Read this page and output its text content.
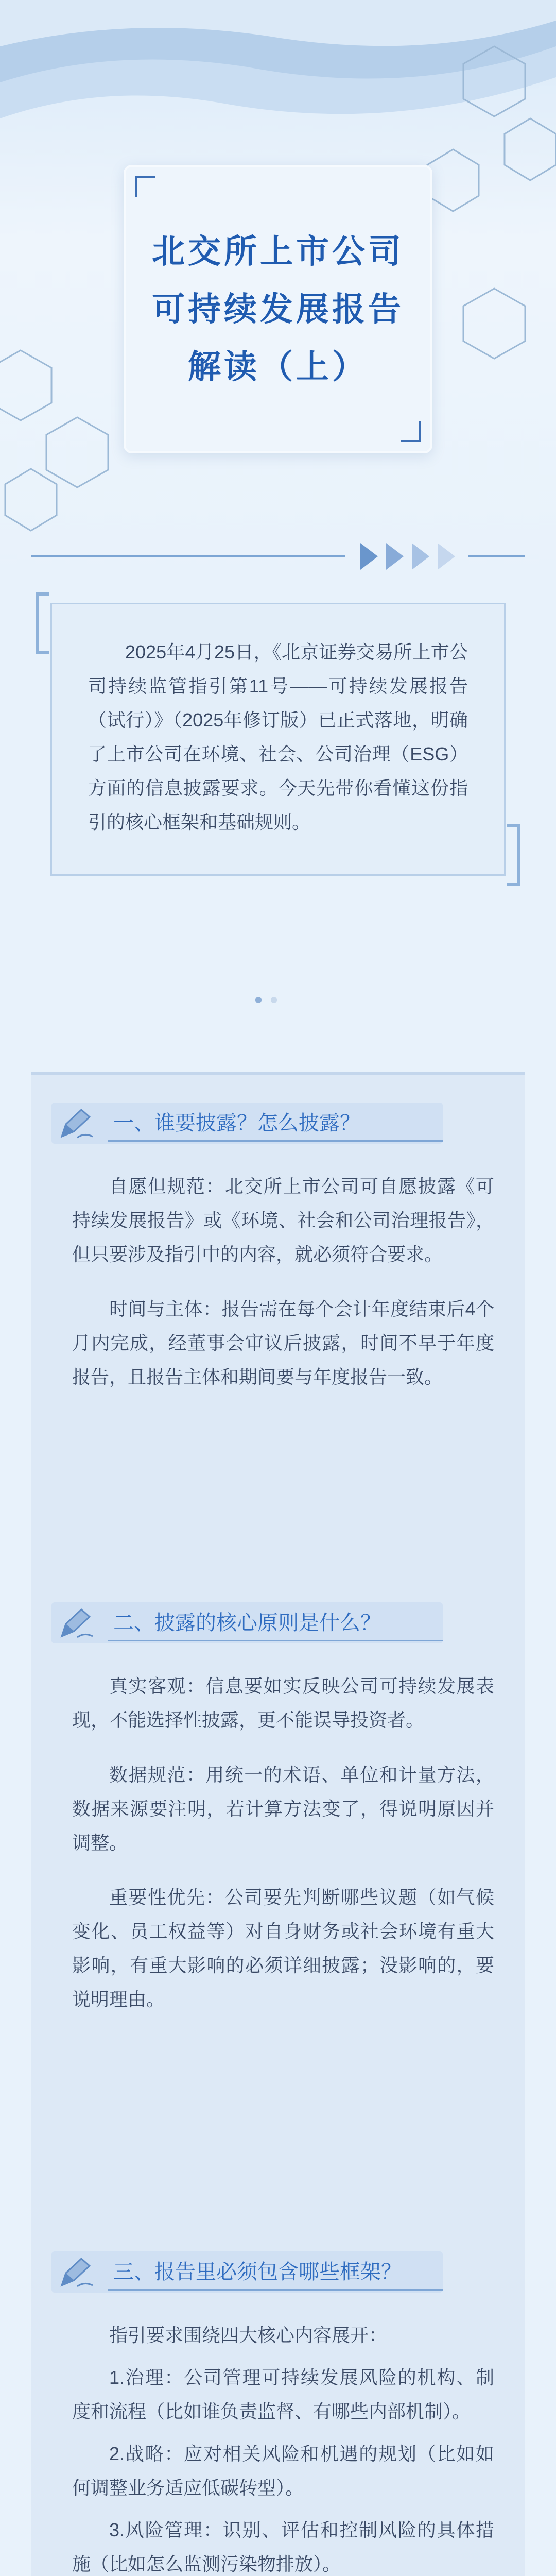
北交所上市公司
可持续发展报告
解读（上）

2025年4月25日，《北京证券交易所上市公司持续监管指引第11号——可持续发展报告（试行）》（2025年修订版）已正式落地，明确了上市公司在环境、社会、公司治理（ESG）方面的信息披露要求。今天先带你看懂这份指引的核心框架和基础规则。

一、谁要披露？怎么披露？

自愿但规范：北交所上市公司可自愿披露《可持续发展报告》或《环境、社会和公司治理报告》，但只要涉及指引中的内容，就必须符合要求。

时间与主体：报告需在每个会计年度结束后4个月内完成，经董事会审议后披露，时间不早于年度报告，且报告主体和期间要与年度报告一致。

二、披露的核心原则是什么？

真实客观：信息要如实反映公司可持续发展表现，不能选择性披露，更不能误导投资者。

数据规范：用统一的术语、单位和计量方法，数据来源要注明，若计算方法变了，得说明原因并调整。

重要性优先：公司要先判断哪些议题（如气候变化、员工权益等）对自身财务或社会环境有重大影响，有重大影响的必须详细披露；没影响的，要说明理由。

三、报告里必须包含哪些框架？

指引要求围绕四大核心内容展开：

1.治理：公司管理可持续发展风险的机构、制度和流程（比如谁负责监督、有哪些内部机制）。

2.战略：应对相关风险和机遇的规划（比如如何调整业务适应低碳转型）。

3.风险管理：识别、评估和控制风险的具体措施（比如怎么监测污染物排放）。
